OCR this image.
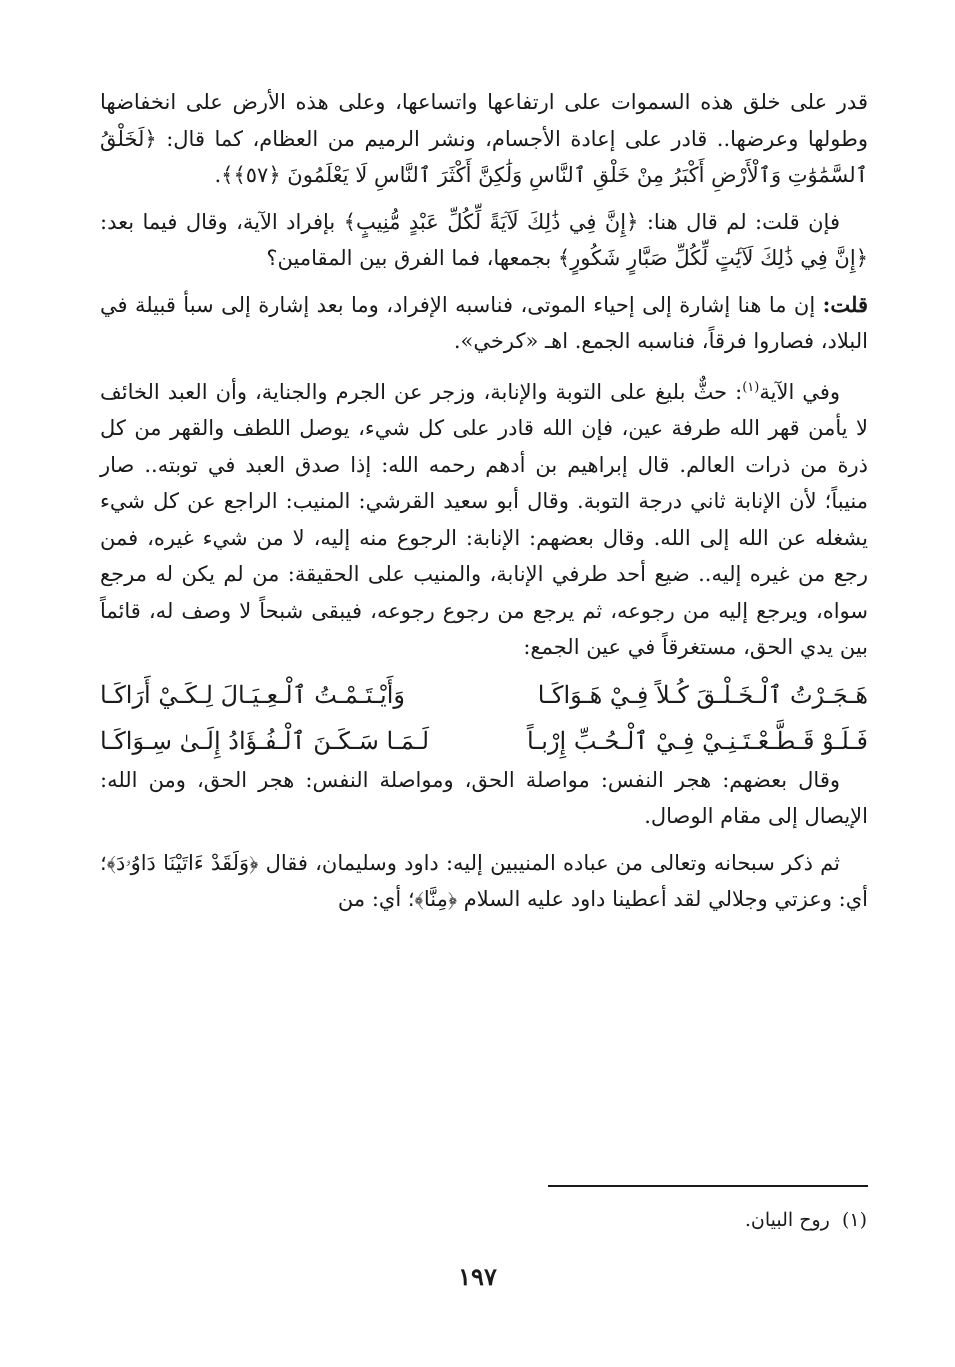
قدر على خلق هذه السموات على ارتفاعها واتساعها، وعلى هذه الأرض على انخفاضها وطولها وعرضها.. قادر على إعادة الأجسام، ونشر الرميم من العظام، كما قال: ﴿لَخَلْقُ ٱلسَّمَٰوَٰتِ وَٱلْأَرْضِ أَكْبَرُ مِنْ خَلْقِ ٱلنَّاسِ وَلَٰكِنَّ أَكْثَرَ ٱلنَّاسِ لَا يَعْلَمُونَ ﴿٥٧﴾﴾.

فإن قلت: لم قال هنا: ﴿إِنَّ فِي ذَٰلِكَ لَآيَةً لِّكُلِّ عَبْدٍ مُّنِيبٍ﴾ بإفراد الآية، وقال فيما بعد: ﴿إِنَّ فِي ذَٰلِكَ لَآيَٰتٍ لِّكُلِّ صَبَّارٍ شَكُورٍ﴾ بجمعها، فما الفرق بين المقامين؟

قلت: إن ما هنا إشارة إلى إحياء الموتى، فناسبه الإفراد، وما بعد إشارة إلى سبأ قبيلة في البلاد، فصاروا فرقاً، فناسبه الجمع. اهـ «كرخي».

وفي الآية$^{(١)}$: حثٌّ بليغ على التوبة والإنابة، وزجر عن الجرم والجناية، وأن العبد الخائف لا يأمن قهر الله طرفة عين، فإن الله قادر على كل شيء، يوصل اللطف والقهر من كل ذرة من ذرات العالم. قال إبراهيم بن أدهم رحمه الله: إذا صدق العبد في توبته.. صار منيباً؛ لأن الإنابة ثاني درجة التوبة. وقال أبو سعيد القرشي: المنيب: الراجع عن كل شيء يشغله عن الله إلى الله. وقال بعضهم: الإنابة: الرجوع منه إليه، لا من شيء غيره، فمن رجع من غيره إليه.. ضيع أحد طرفي الإنابة، والمنيب على الحقيقة: من لم يكن له مرجع سواه، ويرجع إليه من رجوعه، ثم يرجع من رجوع رجوعه، فيبقى شبحاً لا وصف له، قائماً بين يدي الحق، مستغرقاً في عين الجمع:

هَـجَـرْتُ ٱلْـخَـلْـقَ كُـلاً فِـيْ هَـوَاكَـا
وَأَيْـتَـمْـتُ ٱلْـعِـيَـالَ لِـكَـيْ أَرَاكَـا
فَـلَـوْ قَـطَّـعْـتَـنِـيْ فِـيْ ٱلْـحُـبِّ إِرْبـاً
لَـمَـا سَـكَـنَ ٱلْـفُـؤَادُ إِلَـىٰ سِـوَاكَـا

وقال بعضهم: هجر النفس: مواصلة الحق، ومواصلة النفس: هجر الحق، ومن الله: الإيصال إلى مقام الوصال.

ثم ذكر سبحانه وتعالى من عباده المنيبين إليه: داود وسليمان، فقال ﴿وَلَقَدْ ءَاتَيْنَا دَاوُۥدَ﴾؛ أي: وعزتي وجلالي لقد أعطينا داود عليه السلام ﴿مِنَّا﴾؛ أي: من

(١)  روح البيان.
١٩٧
